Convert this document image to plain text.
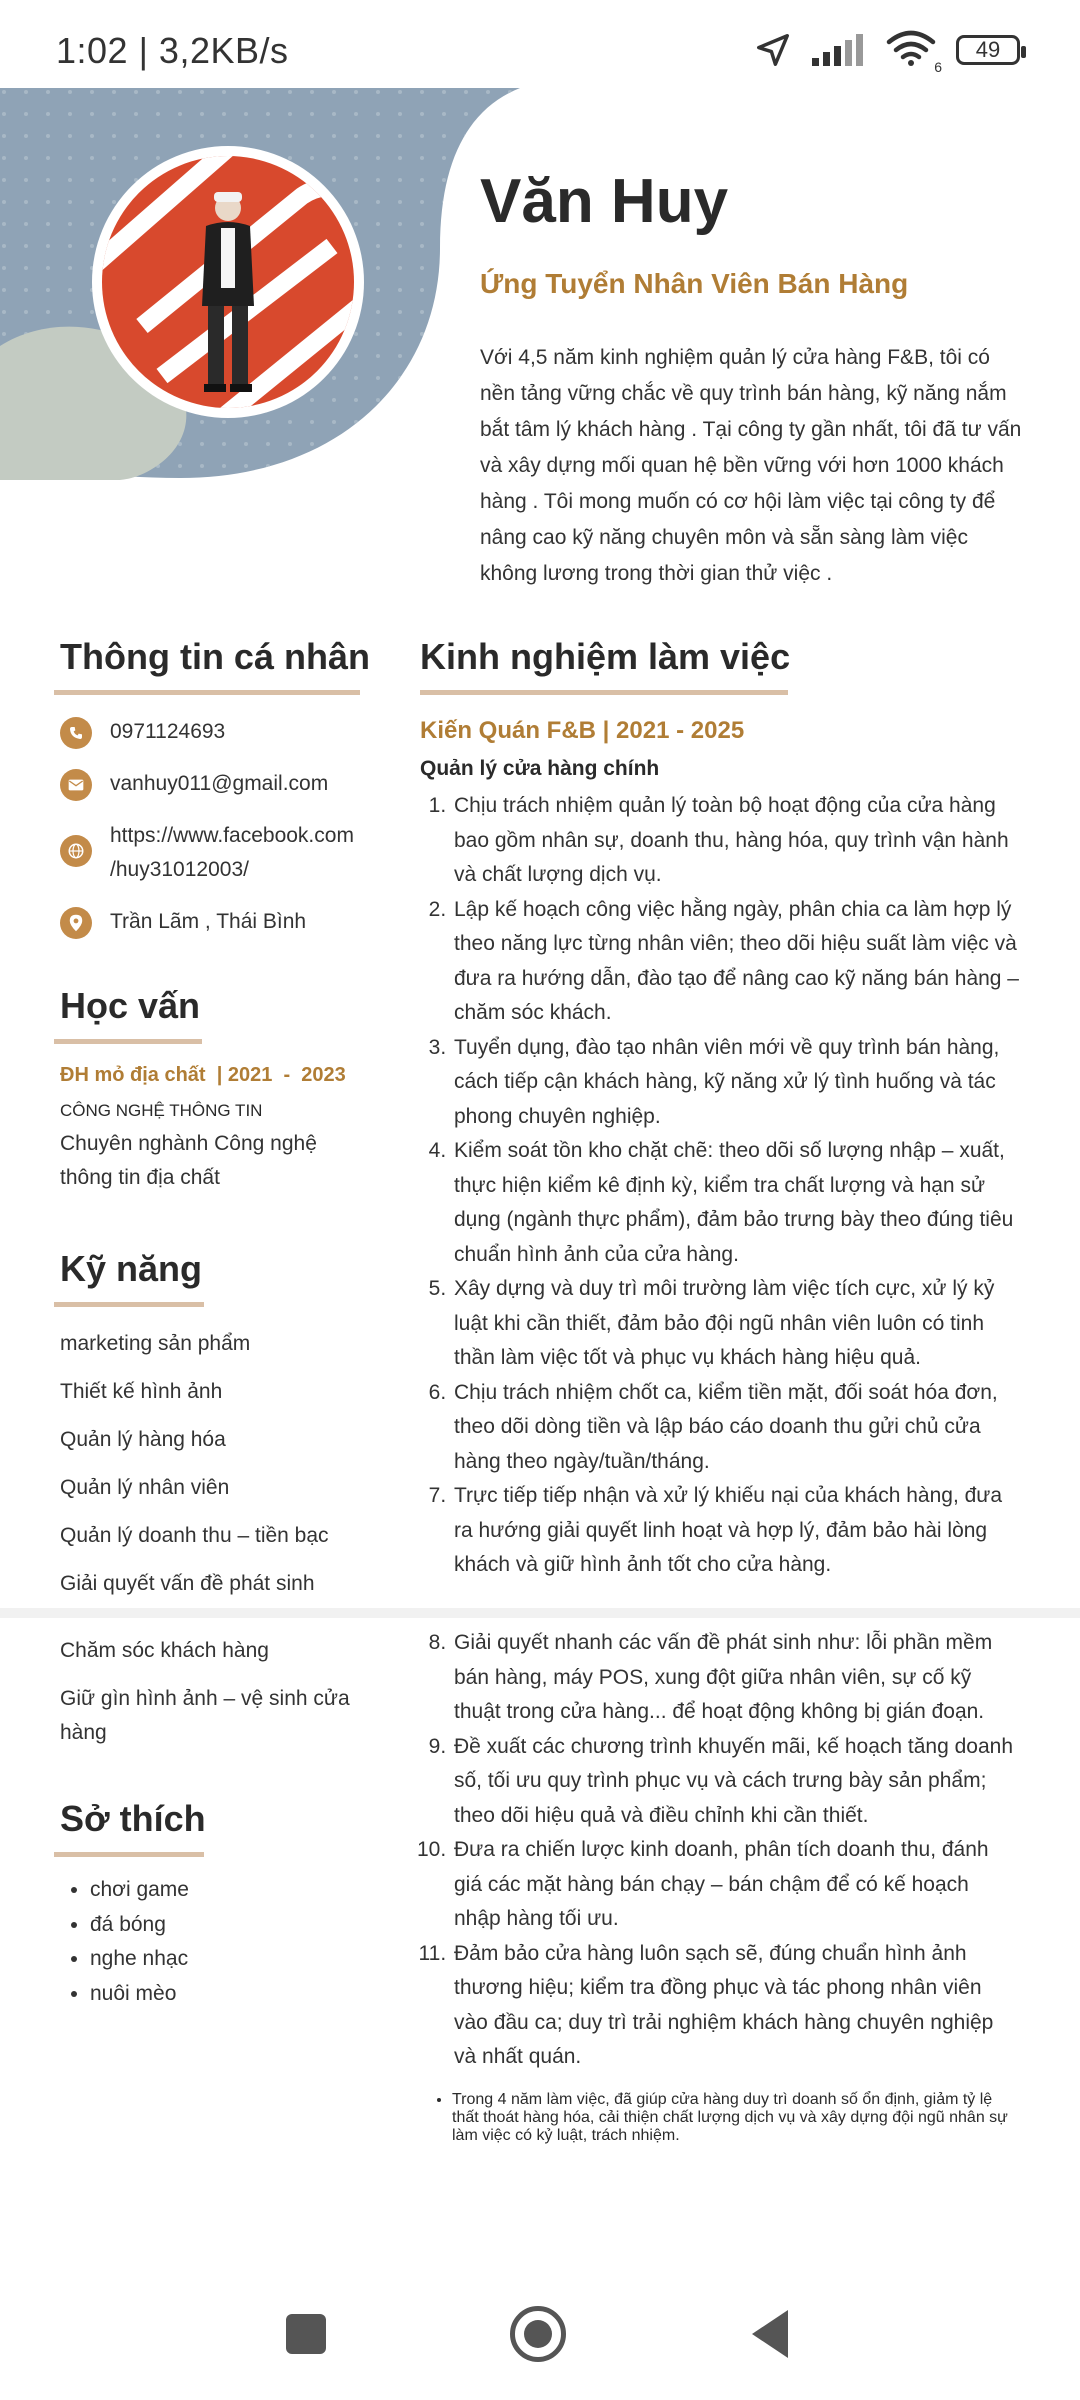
1:02 | 3,2KB/s	6
49
Văn Huy
Ứng Tuyển Nhân Viên Bán Hàng
Với 4,5 năm kinh nghiệm quản lý cửa hàng F&B, tôi có nền tảng vững chắc về quy trình bán hàng, kỹ năng nắm bắt tâm lý khách hàng . Tại công ty gần nhất, tôi đã tư vấn và xây dựng mối quan hệ bền vững với hơn 1000 khách hàng . Tôi mong muốn có cơ hội làm việc tại công ty để nâng cao kỹ năng chuyên môn và sẵn sàng làm việc không lương trong thời gian thử việc .
Thông tin cá nhân
0971124693
vanhuy011@gmail.com
https://www.facebook.com
/huy31012003/
Trần Lãm , Thái Bình
Học vấn
ĐH mỏ địa chất  | 2021  -  2023
CÔNG NGHỆ THÔNG TIN
Chuyên nghành Công nghệ thông tin địa chất
Kỹ năng
marketing sản phẩm
Thiết kế hình ảnh
Quản lý hàng hóa
Quản lý nhân viên
Quản lý doanh thu – tiền bạc
Giải quyết vấn đề phát sinh
Chăm sóc khách hàng
Giữ gìn hình ảnh – vệ sinh cửa hàng
Sở thích
• chơi game
• đá bóng
• nghe nhạc
• nuôi mèo
Kinh nghiệm làm việc
Kiến Quán F&B | 2021 - 2025
Quản lý cửa hàng chính
1. Chịu trách nhiệm quản lý toàn bộ hoạt động của cửa hàng bao gồm nhân sự, doanh thu, hàng hóa, quy trình vận hành và chất lượng dịch vụ.
2. Lập kế hoạch công việc hằng ngày, phân chia ca làm hợp lý theo năng lực từng nhân viên; theo dõi hiệu suất làm việc và đưa ra hướng dẫn, đào tạo để nâng cao kỹ năng bán hàng – chăm sóc khách.
3. Tuyển dụng, đào tạo nhân viên mới về quy trình bán hàng, cách tiếp cận khách hàng, kỹ năng xử lý tình huống và tác phong chuyên nghiệp.
4. Kiểm soát tồn kho chặt chẽ: theo dõi số lượng nhập – xuất, thực hiện kiểm kê định kỳ, kiểm tra chất lượng và hạn sử dụng (ngành thực phẩm), đảm bảo trưng bày theo đúng tiêu chuẩn hình ảnh của cửa hàng.
5. Xây dựng và duy trì môi trường làm việc tích cực, xử lý kỷ luật khi cần thiết, đảm bảo đội ngũ nhân viên luôn có tinh thần làm việc tốt và phục vụ khách hàng hiệu quả.
6. Chịu trách nhiệm chốt ca, kiểm tiền mặt, đối soát hóa đơn, theo dõi dòng tiền và lập báo cáo doanh thu gửi chủ cửa hàng theo ngày/tuần/tháng.
7. Trực tiếp tiếp nhận và xử lý khiếu nại của khách hàng, đưa ra hướng giải quyết linh hoạt và hợp lý, đảm bảo hài lòng khách và giữ hình ảnh tốt cho cửa hàng.
8. Giải quyết nhanh các vấn đề phát sinh như: lỗi phần mềm bán hàng, máy POS, xung đột giữa nhân viên, sự cố kỹ thuật trong cửa hàng... để hoạt động không bị gián đoạn.
9. Đề xuất các chương trình khuyến mãi, kế hoạch tăng doanh số, tối ưu quy trình phục vụ và cách trưng bày sản phẩm; theo dõi hiệu quả và điều chỉnh khi cần thiết.
10. Đưa ra chiến lược kinh doanh, phân tích doanh thu, đánh giá các mặt hàng bán chạy – bán chậm để có kế hoạch nhập hàng tối ưu.
11. Đảm bảo cửa hàng luôn sạch sẽ, đúng chuẩn hình ảnh thương hiệu; kiểm tra đồng phục và tác phong nhân viên vào đầu ca; duy trì trải nghiệm khách hàng chuyên nghiệp và nhất quán.
• Trong 4 năm làm việc, đã giúp cửa hàng duy trì doanh số ổn định, giảm tỷ lệ thất thoát hàng hóa, cải thiện chất lượng dịch vụ và xây dựng đội ngũ nhân sự làm việc có kỷ luật, trách nhiệm.
